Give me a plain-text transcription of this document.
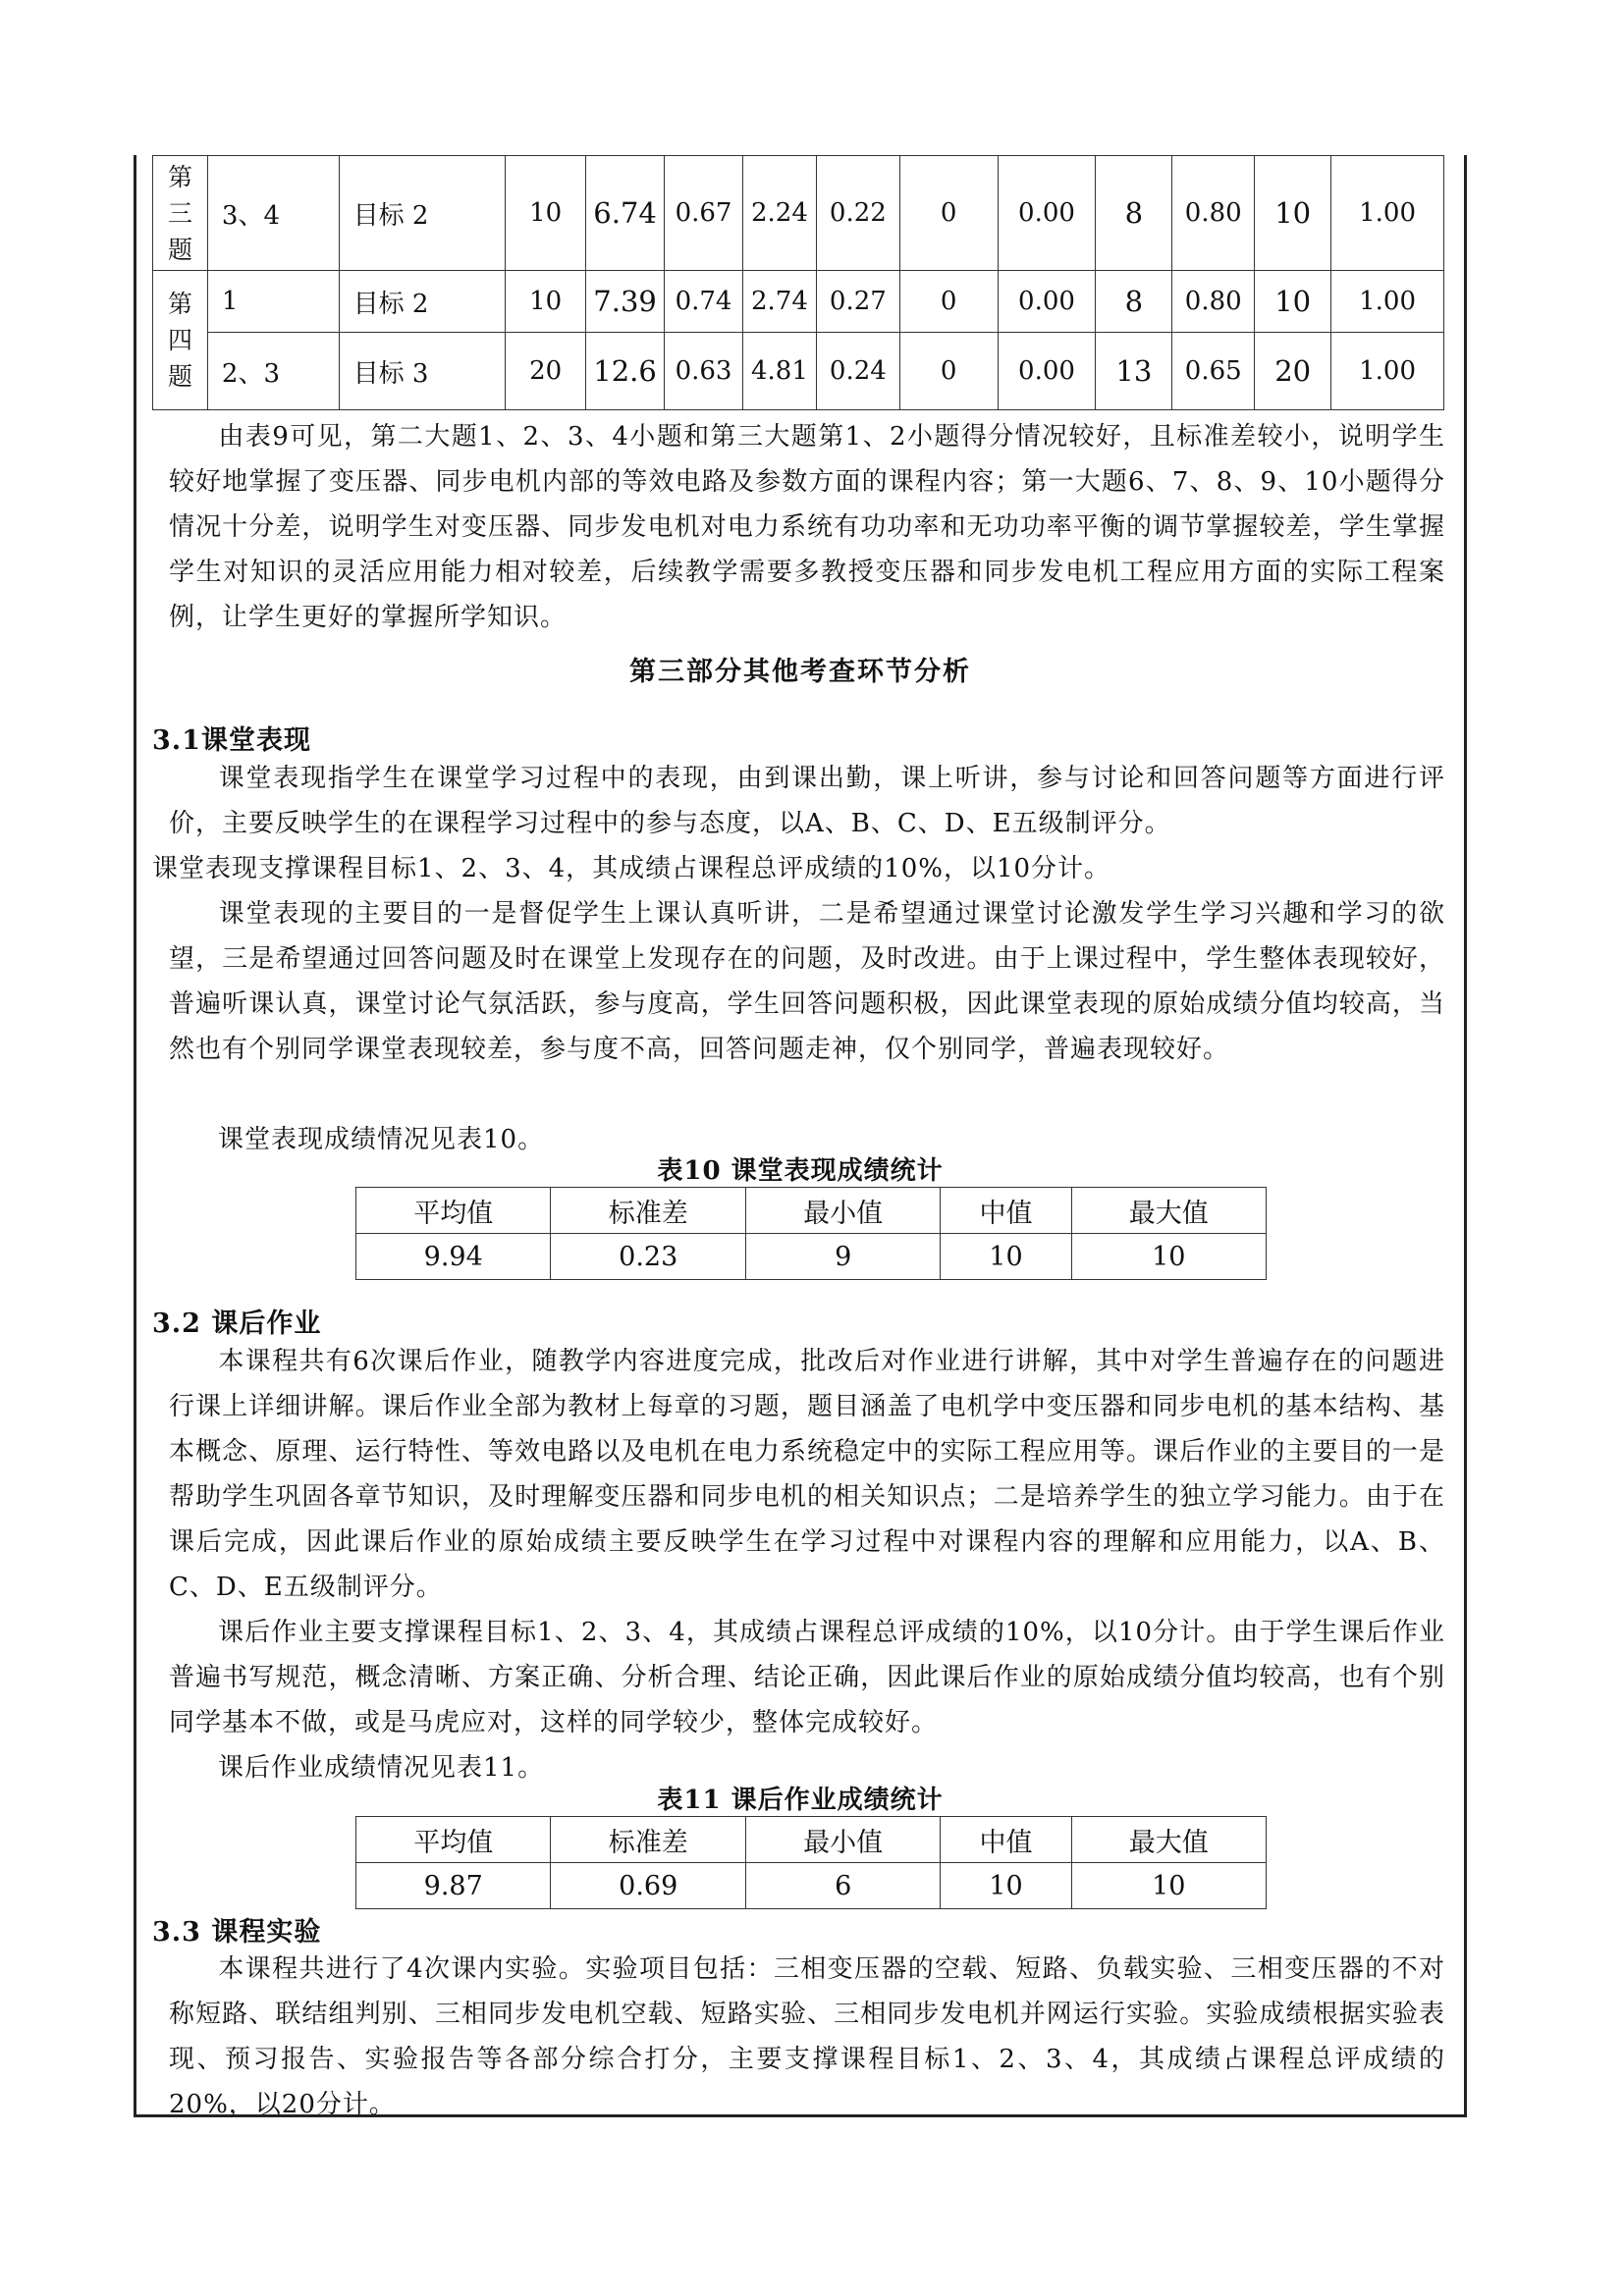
第
三
题	3、4	目标 2	10	6.74	0.67	2.24	0.22	0	0.00	8	0.80	10	1.00
第
四
题	1	目标 2	10	7.39	0.74	2.74	0.27	0	0.00	8	0.80	10	1.00
	2、3	目标 3	20	12.6	0.63	4.81	0.24	0	0.00	13	0.65	20	1.00
由表9可见，第二大题1、2、3、4小题和第三大题第1、2小题得分情况较好，且标准差较小，说明学生较好地掌握了变压器、同步电机内部的等效电路及参数方面的课程内容；第一大题6、7、8、9、10小题得分情况十分差，说明学生对变压器、同步发电机对电力系统有功功率和无功功率平衡的调节掌握较差，学生掌握学生对知识的灵活应用能力相对较差，后续教学需要多教授变压器和同步发电机工程应用方面的实际工程案例，让学生更好的掌握所学知识。
第三部分其他考查环节分析
3.1课堂表现
课堂表现指学生在课堂学习过程中的表现，由到课出勤，课上听讲，参与讨论和回答问题等方面进行评价，主要反映学生的在课程学习过程中的参与态度，以A、B、C、D、E五级制评分。
课堂表现支撑课程目标1、2、3、4，其成绩占课程总评成绩的10%，以10分计。
课堂表现的主要目的一是督促学生上课认真听讲，二是希望通过课堂讨论激发学生学习兴趣和学习的欲望，三是希望通过回答问题及时在课堂上发现存在的问题，及时改进。由于上课过程中，学生整体表现较好，普遍听课认真，课堂讨论气氛活跃，参与度高，学生回答问题积极，因此课堂表现的原始成绩分值均较高，当然也有个别同学课堂表现较差，参与度不高，回答问题走神，仅个别同学，普遍表现较好。
课堂表现成绩情况见表10。
表10 课堂表现成绩统计
平均值	标准差	最小值	中值	最大值
9.94	0.23	9	10	10
3.2 课后作业
本课程共有6次课后作业，随教学内容进度完成，批改后对作业进行讲解，其中对学生普遍存在的问题进行课上详细讲解。课后作业全部为教材上每章的习题，题目涵盖了电机学中变压器和同步电机的基本结构、基本概念、原理、运行特性、等效电路以及电机在电力系统稳定中的实际工程应用等。课后作业的主要目的一是帮助学生巩固各章节知识，及时理解变压器和同步电机的相关知识点；二是培养学生的独立学习能力。由于在课后完成，因此课后作业的原始成绩主要反映学生在学习过程中对课程内容的理解和应用能力，以A、B、C、D、E五级制评分。
课后作业主要支撑课程目标1、2、3、4，其成绩占课程总评成绩的10%，以10分计。由于学生课后作业普遍书写规范，概念清晰、方案正确、分析合理、结论正确，因此课后作业的原始成绩分值均较高，也有个别同学基本不做，或是马虎应对，这样的同学较少，整体完成较好。
课后作业成绩情况见表11。
表11 课后作业成绩统计
平均值	标准差	最小值	中值	最大值
9.87	0.69	6	10	10
3.3 课程实验
本课程共进行了4次课内实验。实验项目包括：三相变压器的空载、短路、负载实验、三相变压器的不对称短路、联结组判别、三相同步发电机空载、短路实验、三相同步发电机并网运行实验。实验成绩根据实验表现、预习报告、实验报告等各部分综合打分，主要支撑课程目标1、2、3、4，其成绩占课程总评成绩的20%，以20分计。
